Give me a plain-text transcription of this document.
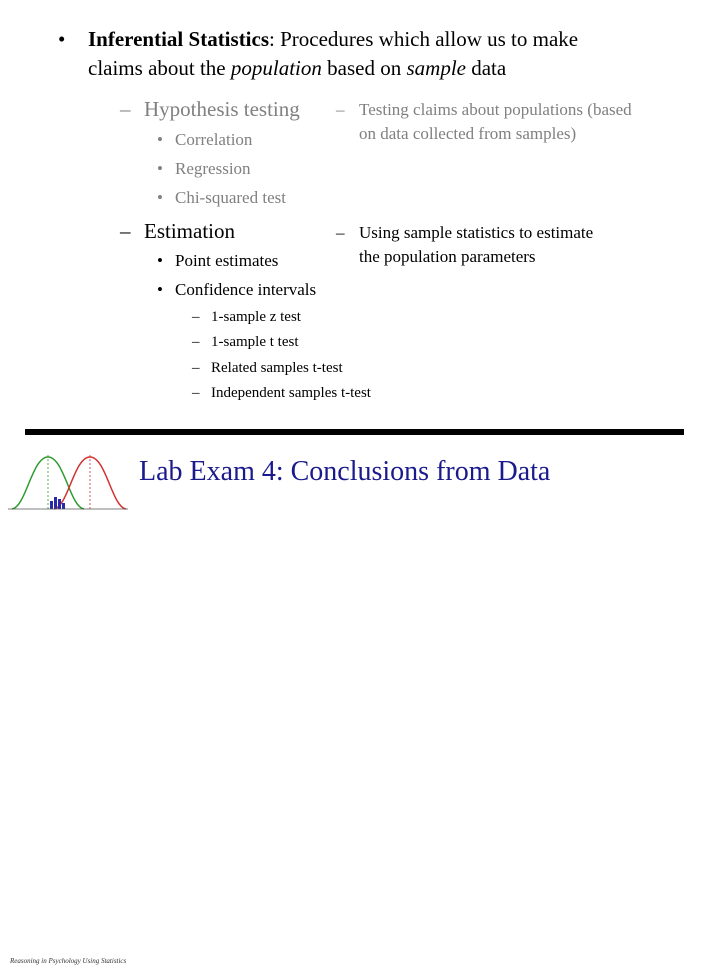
• Inferential Statistics: Procedures which allow us to make
claims about the population based on sample data
– Hypothesis testing – Testing claims about populations (based
on data collected from samples)
• Correlation
• Regression
• Chi-squared test
– Estimation	– Using sample statistics to estimate
the population parameters
• Point estimates
• Confidence intervals
– 1-sample z test
– 1-sample t test
– Related samples t-test
– Independent samples t-test
Reasoning in Psychology Using Statistics
Lab Exam 4: Conclusions from Data
